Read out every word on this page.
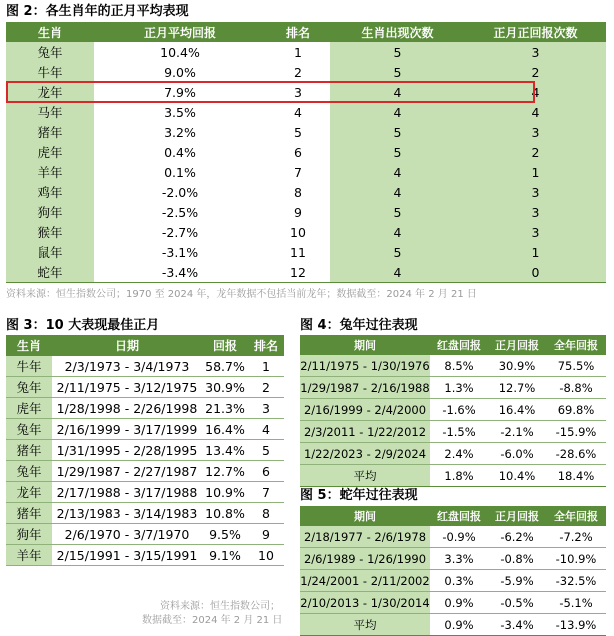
图 2：各生肖年的正月平均表现
生肖	正月平均回报	排名	生肖出现次数	正月正回报次数
兔年	10.4%	1	5	3
牛年	9.0%	2	5	2
龙年	7.9%	3	4	4
马年	3.5%	4	4	4
猪年	3.2%	5	5	3
虎年	0.4%	6	5	2
羊年	0.1%	7	4	1
鸡年	-2.0%	8	4	3
狗年	-2.5%	9	5	3
猴年	-2.7%	10	4	3
鼠年	-3.1%	11	5	1
蛇年	-3.4%	12	4	0
资料来源：恒生指数公司；1970 至 2024 年，龙年数据不包括当前龙年；数据截至：2024 年 2 月 21 日
图 3：10 大表现最佳正月
生肖	日期	回报	排名
牛年	2/3/1973 - 3/4/1973	58.7%	1
兔年	2/11/1975 - 3/12/1975	30.9%	2
虎年	1/28/1998 - 2/26/1998	21.3%	3
兔年	2/16/1999 - 3/17/1999	16.4%	4
猪年	1/31/1995 - 2/28/1995	13.4%	5
兔年	1/29/1987 - 2/27/1987	12.7%	6
龙年	2/17/1988 - 3/17/1988	10.9%	7
猪年	2/13/1983 - 3/14/1983	10.8%	8
狗年	2/6/1970 - 3/7/1970	9.5%	9
羊年	2/15/1991 - 3/15/1991	9.1%	10
资料来源：恒生指数公司；
数据截至：2024 年 2 月 21 日
图 4：兔年过往表现
期间	红盘回报	正月回报	全年回报
2/11/1975 - 1/30/1976	8.5%	30.9%	75.5%
1/29/1987 - 2/16/1988	1.3%	12.7%	-8.8%
2/16/1999 - 2/4/2000	-1.6%	16.4%	69.8%
2/3/2011 - 1/22/2012	-1.5%	-2.1%	-15.9%
1/22/2023 - 2/9/2024	2.4%	-6.0%	-28.6%
平均	1.8%	10.4%	18.4%
图 5：蛇年过往表现
期间	红盘回报	正月回报	全年回报
2/18/1977 - 2/6/1978	-0.9%	-6.2%	-7.2%
2/6/1989 - 1/26/1990	3.3%	-0.8%	-10.9%
1/24/2001 - 2/11/2002	0.3%	-5.9%	-32.5%
2/10/2013 - 1/30/2014	0.9%	-0.5%	-5.1%
平均	0.9%	-3.4%	-13.9%
